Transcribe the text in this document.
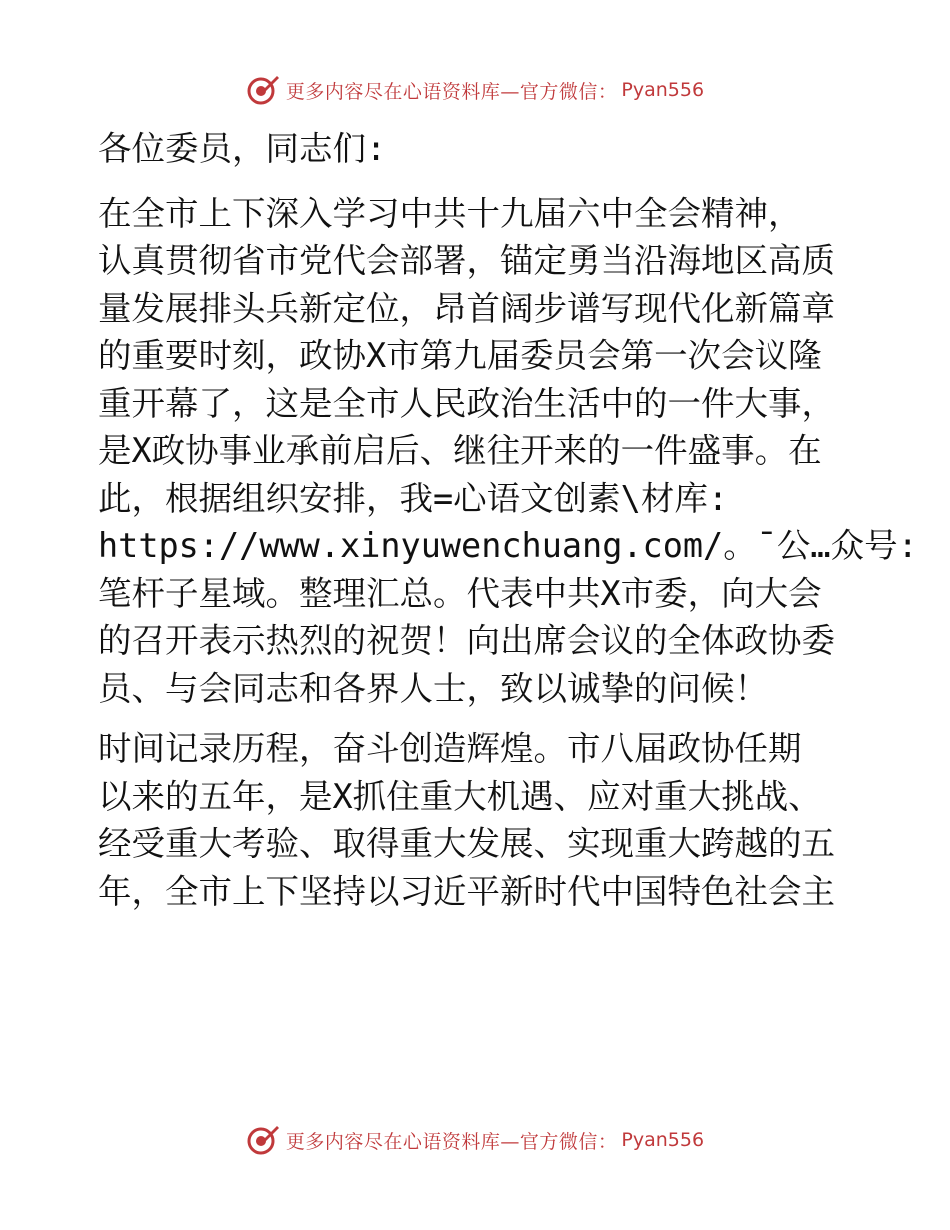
更多内容尽在心语资料库—官方微信： Pyan556

各位委员，同志们:

在全市上下深入学习中共十九届六中全会精神，
认真贯彻省市党代会部署，锚定勇当沿海地区高质
量发展排头兵新定位，昂首阔步谱写现代化新篇章
的重要时刻，政协X市第九届委员会第一次会议隆
重开幕了，这是全市人民政治生活中的一件大事，
是X政协事业承前启后、继往开来的一件盛事。在
此，根据组织安排，我=心语文创素\材库:
https://www.xinyuwenchuang.com/。¯公…众号:
笔杆子星域。整理汇总。代表中共X市委，向大会
的召开表示热烈的祝贺！向出席会议的全体政协委
员、与会同志和各界人士，致以诚挚的问候！

时间记录历程，奋斗创造辉煌。市八届政协任期
以来的五年，是X抓住重大机遇、应对重大挑战、
经受重大考验、取得重大发展、实现重大跨越的五
年，全市上下坚持以习近平新时代中国特色社会主

更多内容尽在心语资料库—官方微信： Pyan556
